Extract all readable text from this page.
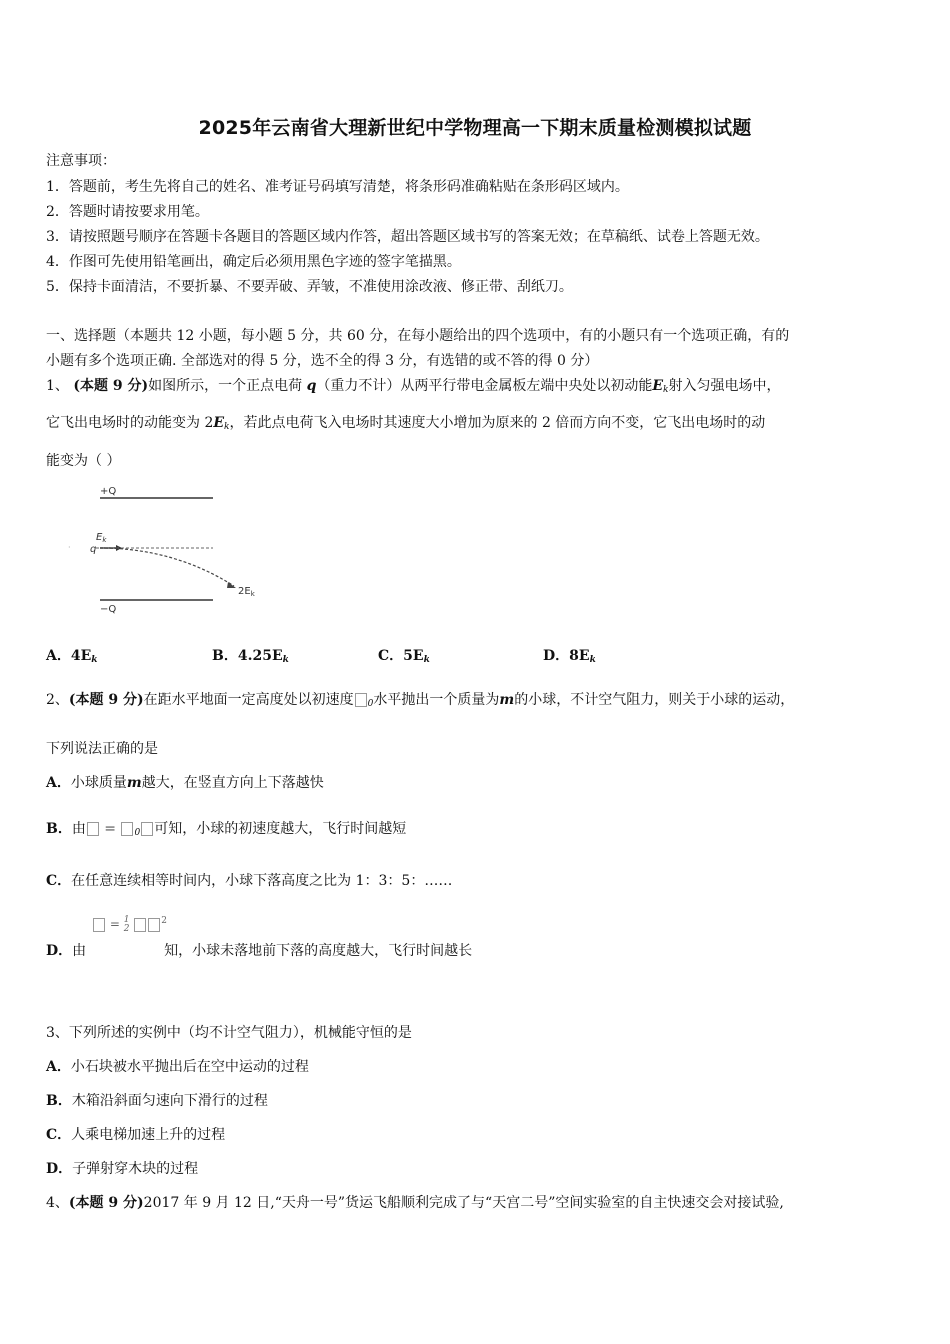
2025年云南省大理新世纪中学物理高一下期末质量检测模拟试题
注意事项：
1．答题前，考生先将自己的姓名、准考证号码填写清楚，将条形码准确粘贴在条形码区域内。
2．答题时请按要求用笔。
3．请按照题号顺序在答题卡各题目的答题区域内作答，超出答题区域书写的答案无效；在草稿纸、试卷上答题无效。
4．作图可先使用铅笔画出，确定后必须用黑色字迹的签字笔描黑。
5．保持卡面清洁，不要折暴、不要弄破、弄皱，不准使用涂改液、修正带、刮纸刀。
一、选择题（本题共 12 小题，每小题 5 分，共 60 分，在每小题给出的四个选项中，有的小题只有一个选项正确，有的
小题有多个选项正确. 全部选对的得 5 分，选不全的得 3 分，有选错的或不答的得 0 分）
1、 (本题 9 分)如图所示，一个正点电荷 q（重力不计）从两平行带电金属板左端中央处以初动能$E_k$射入匀强电场中，
它飞出电场时的动能变为 $2E_k$，若此点电荷飞入电场时其速度大小增加为原来的 2 倍而方向不变，它飞出电场时的动
能变为（ ）
+Q
$E_k$
q
$2E_k$
−Q
·
A．$4E_k$	B．$4.25E_k$	C．$5E_k$	D．$8E_k$
2、(本题 9 分)在距水平地面一定高度处以初速度 $_0$水平抛出一个质量为m的小球，不计空气阻力，则关于小球的运动，
下列说法正确的是
A．小球质量m越大，在竖直方向上下落越快
B．由 = $_0$ 可知，小球的初速度越大，飞行时间越短
C．在任意连续相等时间内，小球下落高度之比为 1：3：5：……
= 1
2 $^2$
D．由	知，小球未落地前下落的高度越大，飞行时间越长
3、下列所述的实例中（均不计空气阻力），机械能守恒的是
A．小石块被水平抛出后在空中运动的过程
B．木箱沿斜面匀速向下滑行的过程
C．人乘电梯加速上升的过程
D．子弹射穿木块的过程
4、(本题 9 分)2017 年 9 月 12 日,“天舟一号”货运飞船顺利完成了与“天宫二号”空间实验室的自主快速交会对接试验,
